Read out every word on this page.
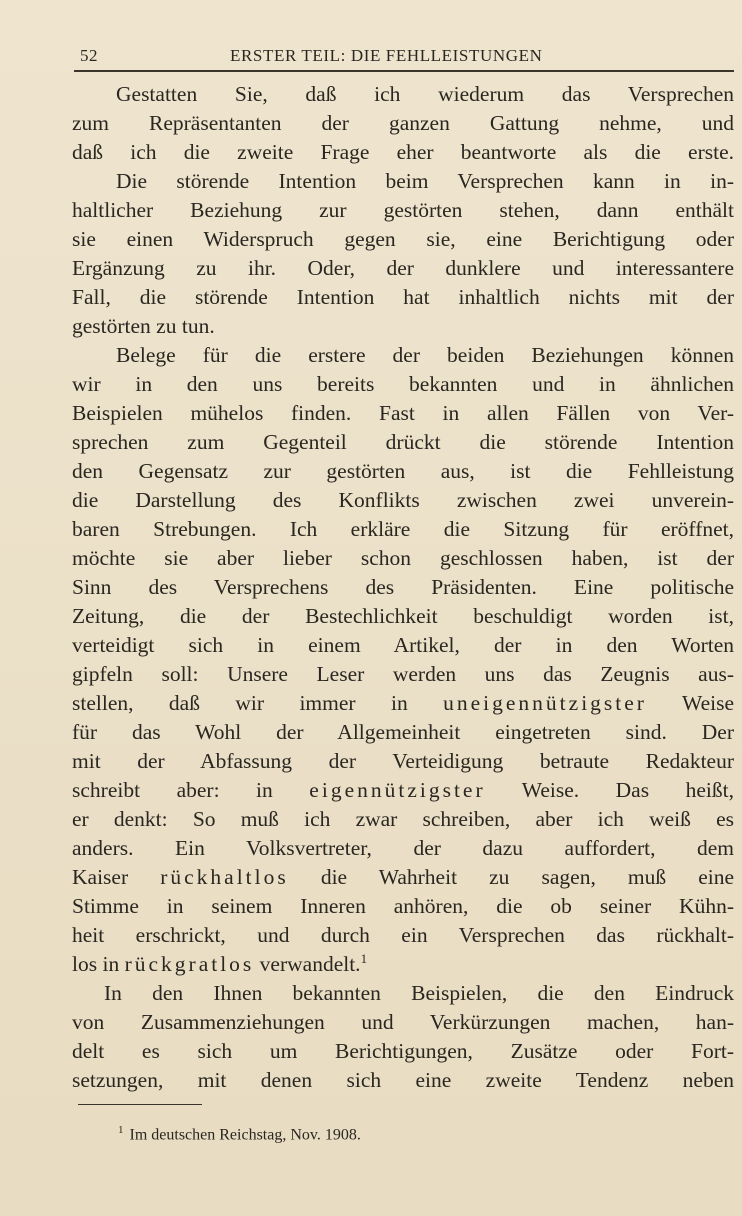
52	ERSTER TEIL: DIE FEHLLEISTUNGEN
Gestatten Sie, daß ich wiederum das Versprechen
zum Repräsentanten der ganzen Gattung nehme, und
daß ich die zweite Frage eher beantworte als die erste.
Die störende Intention beim Versprechen kann in in-
haltlicher Beziehung zur gestörten stehen, dann enthält
sie einen Widerspruch gegen sie, eine Berichtigung oder
Ergänzung zu ihr. Oder, der dunklere und interessantere
Fall, die störende Intention hat inhaltlich nichts mit der
gestörten zu tun.
Belege für die erstere der beiden Beziehungen können
wir in den uns bereits bekannten und in ähnlichen
Beispielen mühelos finden. Fast in allen Fällen von Ver-
sprechen zum Gegenteil drückt die störende Intention
den Gegensatz zur gestörten aus, ist die Fehlleistung
die Darstellung des Konflikts zwischen zwei unverein-
baren Strebungen. Ich erkläre die Sitzung für eröffnet,
möchte sie aber lieber schon geschlossen haben, ist der
Sinn des Versprechens des Präsidenten. Eine politische
Zeitung, die der Bestechlichkeit beschuldigt worden ist,
verteidigt sich in einem Artikel, der in den Worten
gipfeln soll: Unsere Leser werden uns das Zeugnis aus-
stellen, daß wir immer in uneigennützigster Weise
für das Wohl der Allgemeinheit eingetreten sind. Der
mit der Abfassung der Verteidigung betraute Redakteur
schreibt aber: in eigennützigster Weise. Das heißt,
er denkt: So muß ich zwar schreiben, aber ich weiß es
anders. Ein Volksvertreter, der dazu auffordert, dem
Kaiser rückhaltlos die Wahrheit zu sagen, muß eine
Stimme in seinem Inneren anhören, die ob seiner Kühn-
heit erschrickt, und durch ein Versprechen das rückhalt-
los in rückgratlos verwandelt.$^1$
In den Ihnen bekannten Beispielen, die den Eindruck
von Zusammenziehungen und Verkürzungen machen, han-
delt es sich um Berichtigungen, Zusätze oder Fort-
setzungen, mit denen sich eine zweite Tendenz neben
$^1$ Im deutschen Reichstag, Nov. 1908.
